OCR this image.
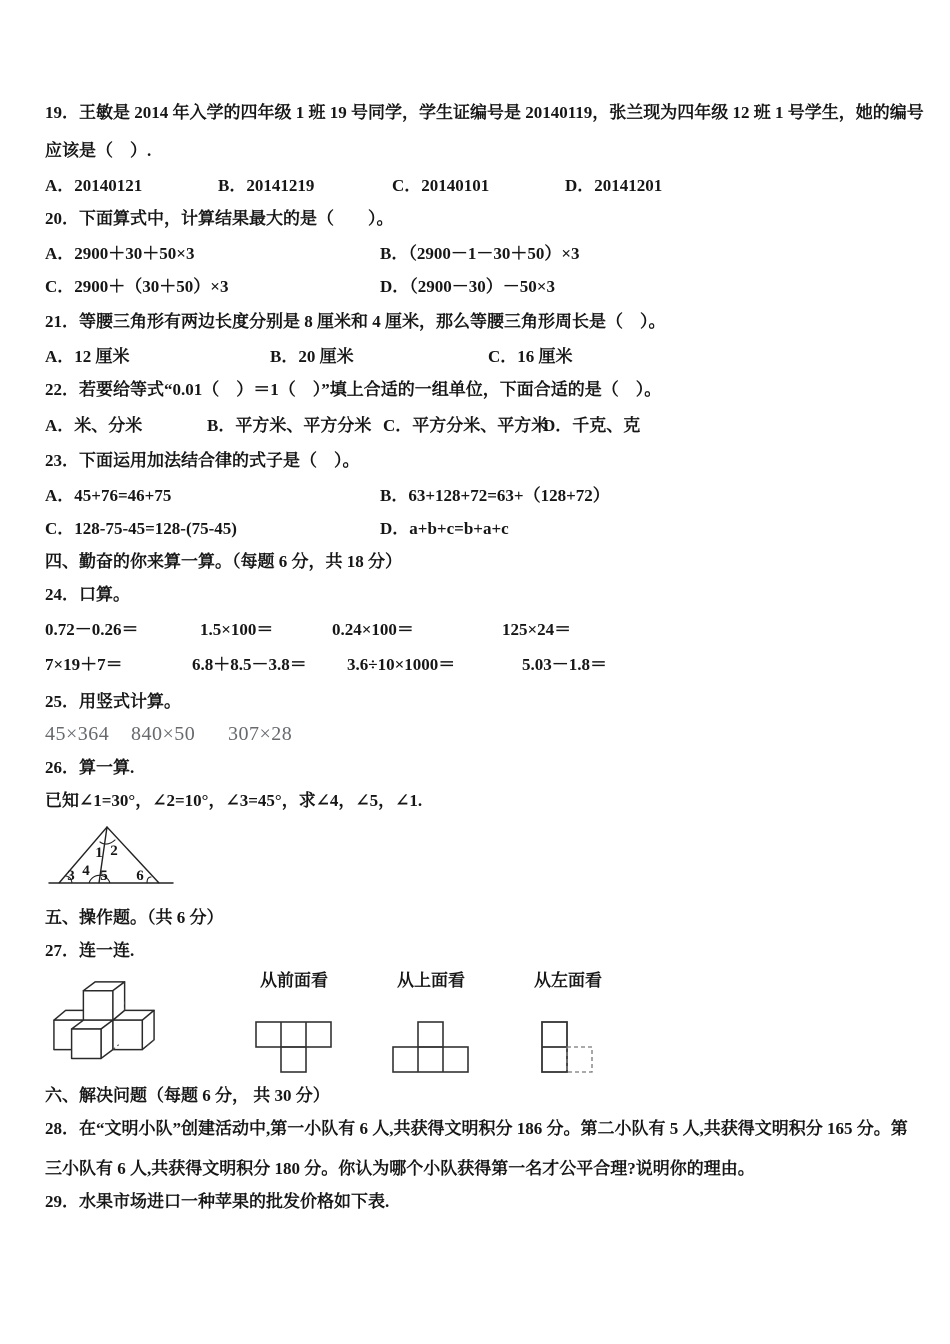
19．王敏是 2014 年入学的四年级 1 班 19 号同学，学生证编号是 20140119，张兰现为四年级 12 班 1 号学生，她的编号

应该是（　）.

A．20140121	B．20141219	C．20140101	D．20141201

20．下面算式中，计算结果最大的是（　　）。

A．2900＋30＋50×3	B．（2900－1－30＋50）×3
C．2900＋（30＋50）×3	D．（2900－30）－50×3

21．等腰三角形有两边长度分别是 8 厘米和 4 厘米，那么等腰三角形周长是（　）。

A．12 厘米	B．20 厘米	C．16 厘米

22．若要给等式“0.01（　）＝1（　）”填上合适的一组单位，下面合适的是（　）。

A．米、分米	B．平方米、平方分米 C．平方分米、平方米
D．千克、克

23．下面运用加法结合律的式子是（　）。

A．45+76=46+75	B．63+128+72=63+（128+72）
C．128-75-45=128-(75-45)	D．a+b+c=b+a+c

四、勤奋的你来算一算。（每题 6 分，共 18 分）

24．口算。

0.72－0.26＝	1.5×100＝	0.24×100＝	125×24＝
7×19＋7＝	6.8＋8.5－3.8＝	3.6÷10×1000＝	5.03－1.8＝

25．用竖式计算。

45×364	840×50	307×28

26．算一算.

已知∠1=30°，∠2=10°，∠3=45°，求∠4，∠5，∠1.

1 2
3 4 5 6

五、操作题。（共 6 分）

27．连一连.

从前面看	从上面看	从左面看

六、解决问题（每题 6 分， 共 30 分）

28．在“文明小队”创建活动中,第一小队有 6 人,共获得文明积分 186 分。第二小队有 5 人,共获得文明积分 165 分。第

三小队有 6 人,共获得文明积分 180 分。你认为哪个小队获得第一名才公平合理?说明你的理由。

29．水果市场进口一种苹果的批发价格如下表.
